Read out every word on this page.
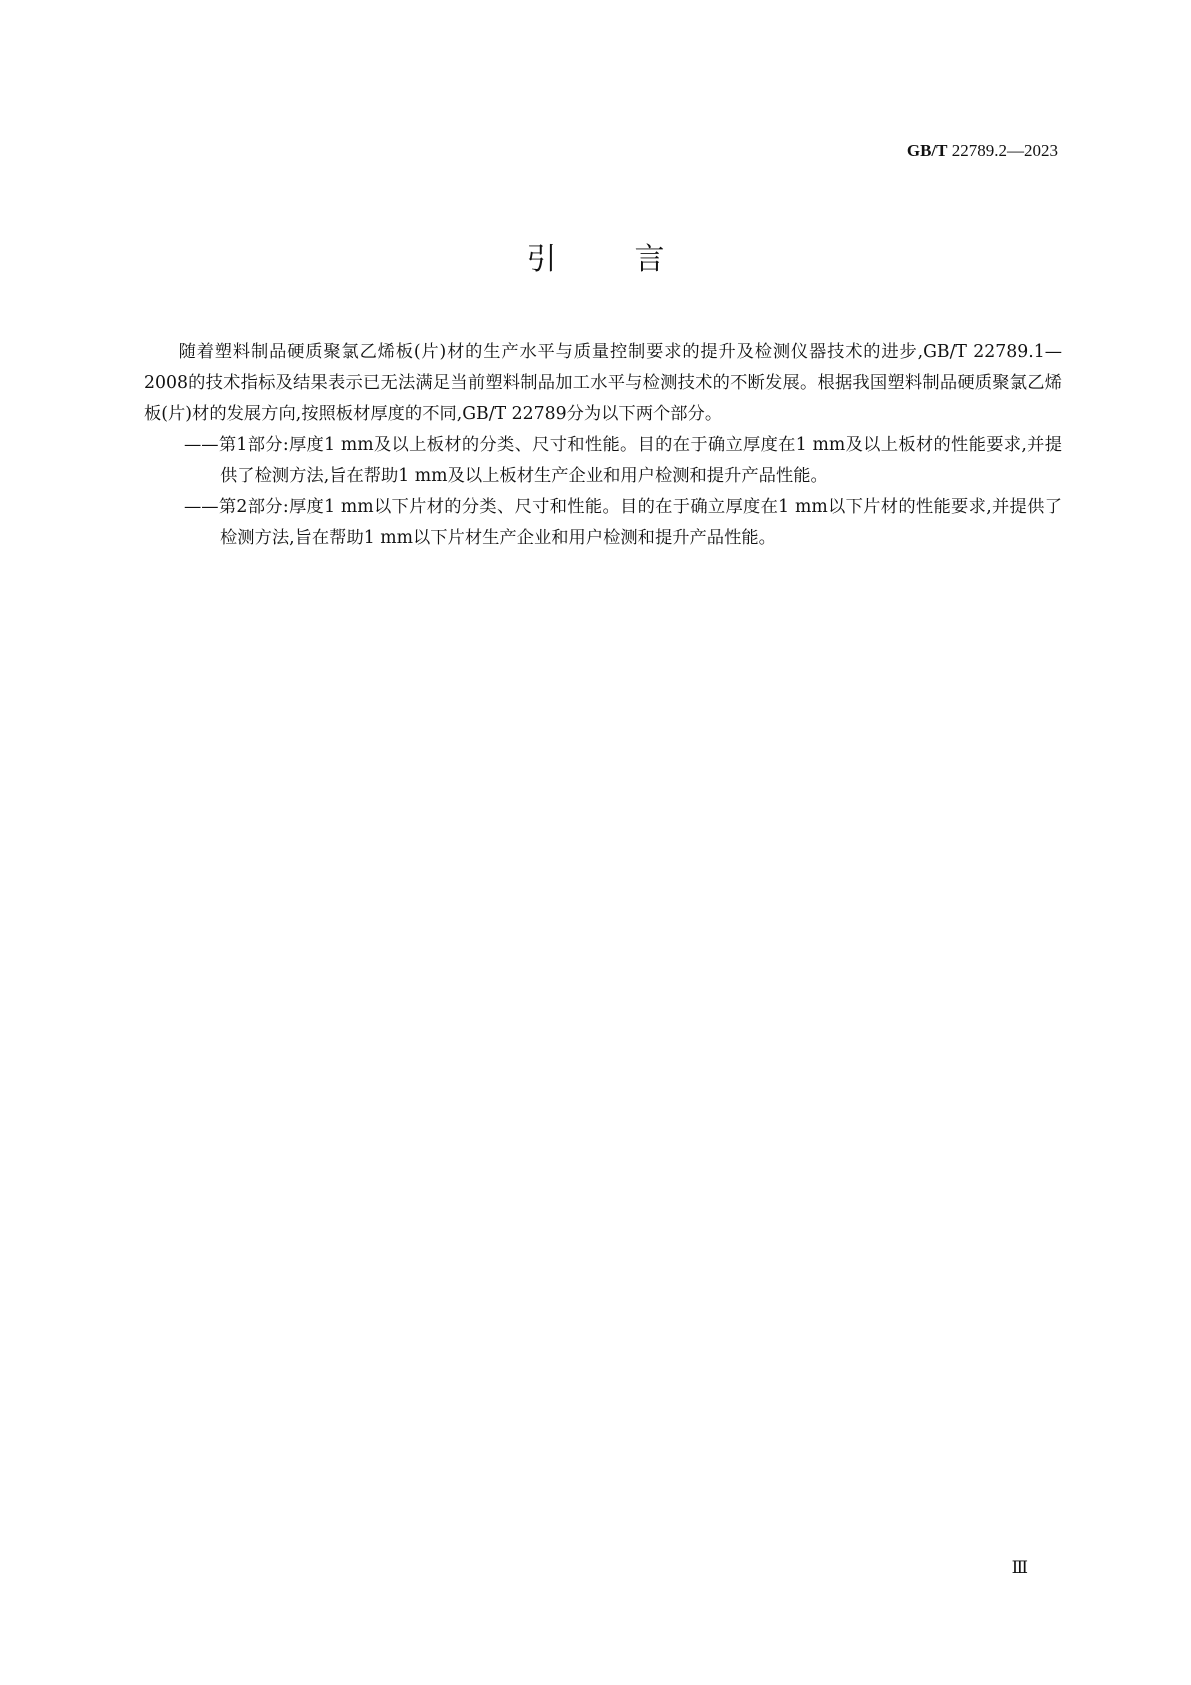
GB/T 22789.2—2023
引言

随着塑料制品硬质聚氯乙烯板(片)材的生产水平与质量控制要求的提升及检测仪器技术的进步,GB/T 22789.1—2008的技术指标及结果表示已无法满足当前塑料制品加工水平与检测技术的不断发展。根据我国塑料制品硬质聚氯乙烯板(片)材的发展方向,按照板材厚度的不同,GB/T 22789分为以下两个部分。

——第1部分:厚度1 mm及以上板材的分类、尺寸和性能。目的在于确立厚度在1 mm及以上板材的性能要求,并提供了检测方法,旨在帮助1 mm及以上板材生产企业和用户检测和提升产品性能。

——第2部分:厚度1 mm以下片材的分类、尺寸和性能。目的在于确立厚度在1 mm以下片材的性能要求,并提供了检测方法,旨在帮助1 mm以下片材生产企业和用户检测和提升产品性能。

Ⅲ
